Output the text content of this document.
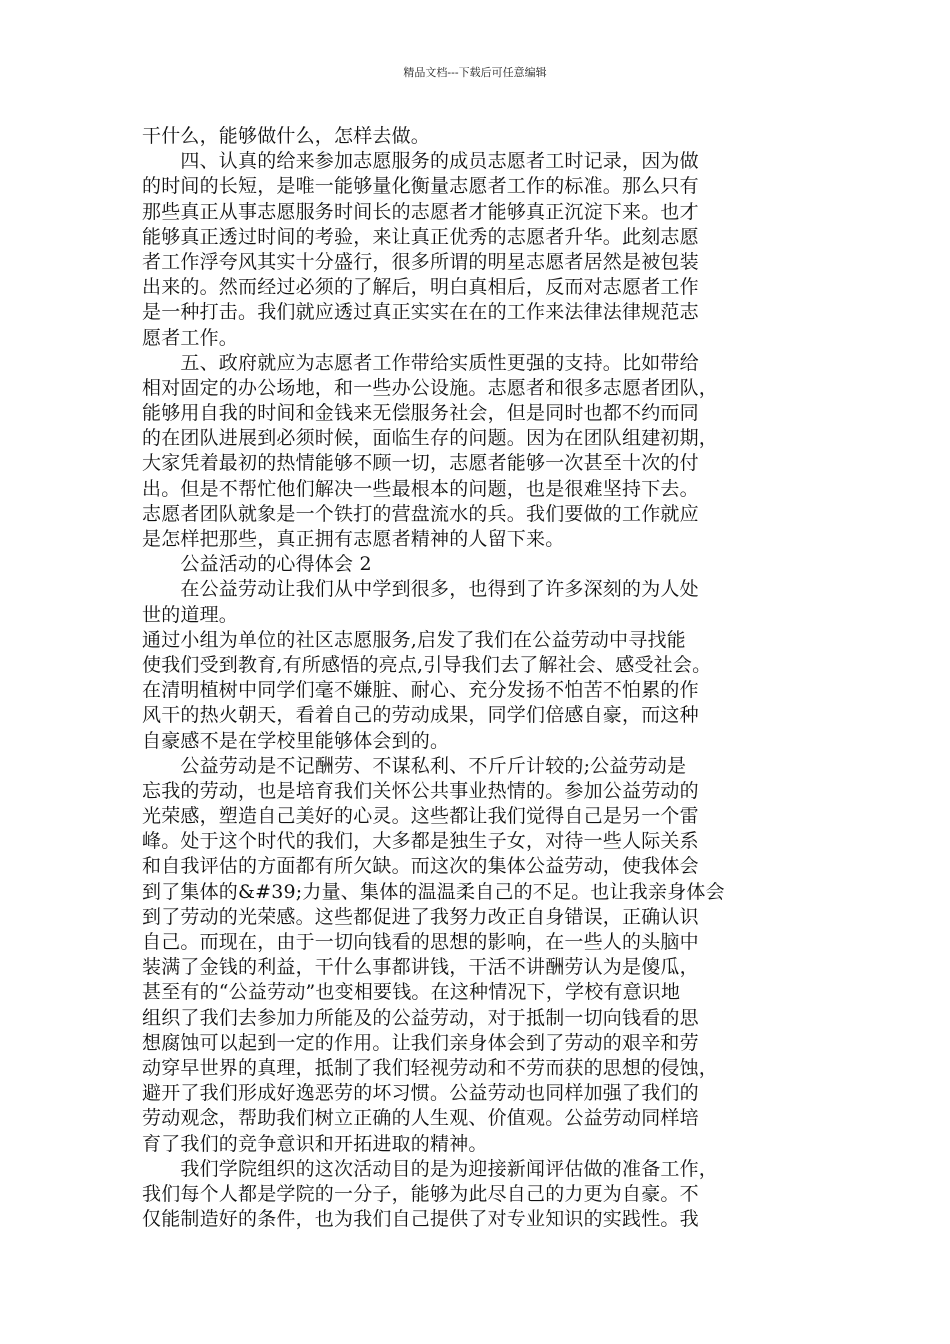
精品文档---下载后可任意编辑
干什么，能够做什么，怎样去做。
　　四、认真的给来参加志愿服务的成员志愿者工时记录，因为做
的时间的长短，是唯一能够量化衡量志愿者工作的标准。那么只有
那些真正从事志愿服务时间长的志愿者才能够真正沉淀下来。也才
能够真正透过时间的考验，来让真正优秀的志愿者升华。此刻志愿
者工作浮夸风其实十分盛行，很多所谓的明星志愿者居然是被包装
出来的。然而经过必须的了解后，明白真相后，反而对志愿者工作
是一种打击。我们就应透过真正实实在在的工作来法律法律规范志
愿者工作。
　　五、政府就应为志愿者工作带给实质性更强的支持。比如带给
相对固定的办公场地，和一些办公设施。志愿者和很多志愿者团队，
能够用自我的时间和金钱来无偿服务社会，但是同时也都不约而同
的在团队进展到必须时候，面临生存的问题。因为在团队组建初期，
大家凭着最初的热情能够不顾一切，志愿者能够一次甚至十次的付
出。但是不帮忙他们解决一些最根本的问题，也是很难坚持下去。
志愿者团队就象是一个铁打的营盘流水的兵。我们要做的工作就应
是怎样把那些，真正拥有志愿者精神的人留下来。
　　公益活动的心得体会 2
　　在公益劳动让我们从中学到很多，也得到了许多深刻的为人处
世的道理。
通过小组为单位的社区志愿服务,启发了我们在公益劳动中寻找能
使我们受到教育,有所感悟的亮点,引导我们去了解社会、感受社会。
在清明植树中同学们毫不嫌脏、耐心、充分发扬不怕苦不怕累的作
风干的热火朝天，看着自己的劳动成果，同学们倍感自豪，而这种
自豪感不是在学校里能够体会到的。
　　公益劳动是不记酬劳、不谋私利、不斤斤计较的;公益劳动是
忘我的劳动，也是培育我们关怀公共事业热情的。参加公益劳动的
光荣感，塑造自己美好的心灵。这些都让我们觉得自己是另一个雷
峰。处于这个时代的我们，大多都是独生子女，对待一些人际关系
和自我评估的方面都有所欠缺。而这次的集体公益劳动，使我体会
到了集体的&#39;力量、集体的温温柔自己的不足。也让我亲身体会
到了劳动的光荣感。这些都促进了我努力改正自身错误，正确认识
自己。而现在，由于一切向钱看的思想的影响，在一些人的头脑中
装满了金钱的利益，干什么事都讲钱，干活不讲酬劳认为是傻瓜，
甚至有的“公益劳动”也变相要钱。在这种情况下，学校有意识地
组织了我们去参加力所能及的公益劳动，对于抵制一切向钱看的思
想腐蚀可以起到一定的作用。让我们亲身体会到了劳动的艰辛和劳
动穿早世界的真理，抵制了我们轻视劳动和不劳而获的思想的侵蚀，
避开了我们形成好逸恶劳的坏习惯。公益劳动也同样加强了我们的
劳动观念，帮助我们树立正确的人生观、价值观。公益劳动同样培
育了我们的竞争意识和开拓进取的精神。
　　我们学院组织的这次活动目的是为迎接新闻评估做的准备工作，
我们每个人都是学院的一分子，能够为此尽自己的力更为自豪。不
仅能制造好的条件，也为我们自己提供了对专业知识的实践性。我
